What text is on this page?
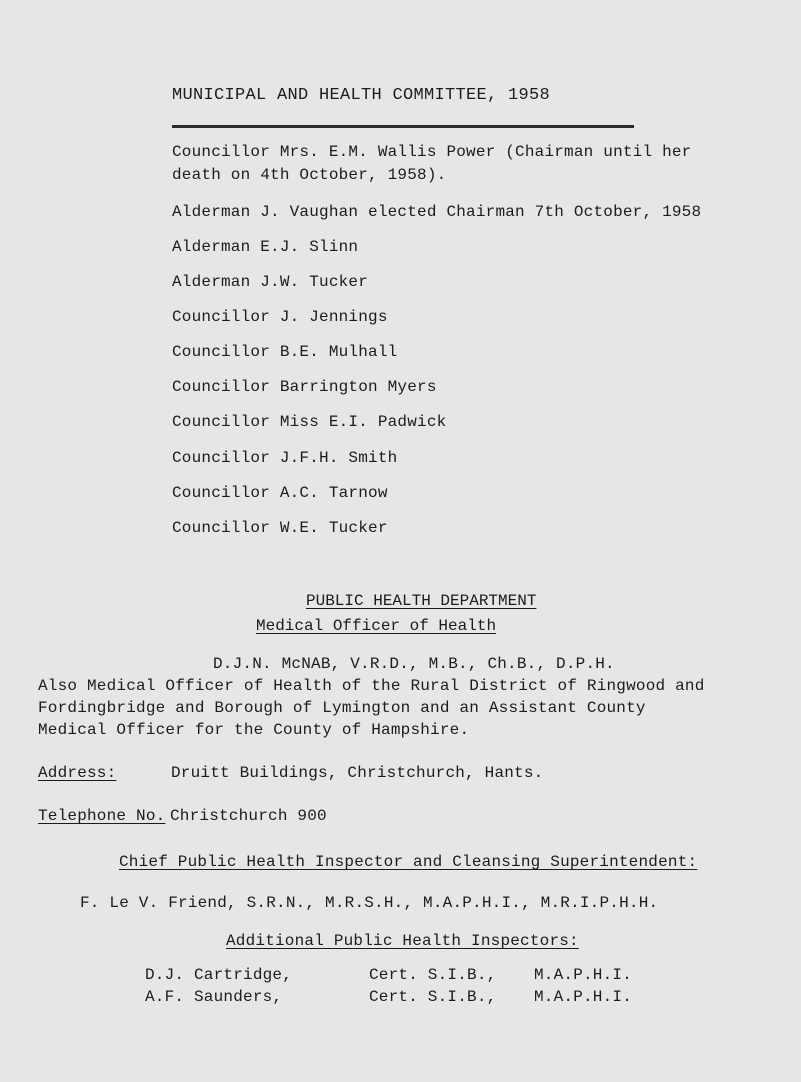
MUNICIPAL AND HEALTH COMMITTEE, 1958
Councillor Mrs. E.M. Wallis Power (Chairman until her
death on 4th October, 1958).
Alderman J. Vaughan elected Chairman 7th October, 1958
Alderman E.J. Slinn
Alderman J.W. Tucker
Councillor J. Jennings
Councillor B.E. Mulhall
Councillor Barrington Myers
Councillor Miss E.I. Padwick
Councillor J.F.H. Smith
Councillor A.C. Tarnow
Councillor W.E. Tucker
PUBLIC HEALTH DEPARTMENT
Medical Officer of Health
D.J.N. McNAB, V.R.D., M.B., Ch.B., D.P.H.
Also Medical Officer of Health of the Rural District of Ringwood and
Fordingbridge and Borough of Lymington and an Assistant County
Medical Officer for the County of Hampshire.
Address:	Druitt Buildings, Christchurch, Hants.
Telephone No. Christchurch 900
Chief Public Health Inspector and Cleansing Superintendent:
F. Le V. Friend, S.R.N., M.R.S.H., M.A.P.H.I., M.R.I.P.H.H.
Additional Public Health Inspectors:
D.J. Cartridge,	Cert. S.I.B., M.A.P.H.I.
A.F. Saunders,	Cert. S.I.B., M.A.P.H.I.
